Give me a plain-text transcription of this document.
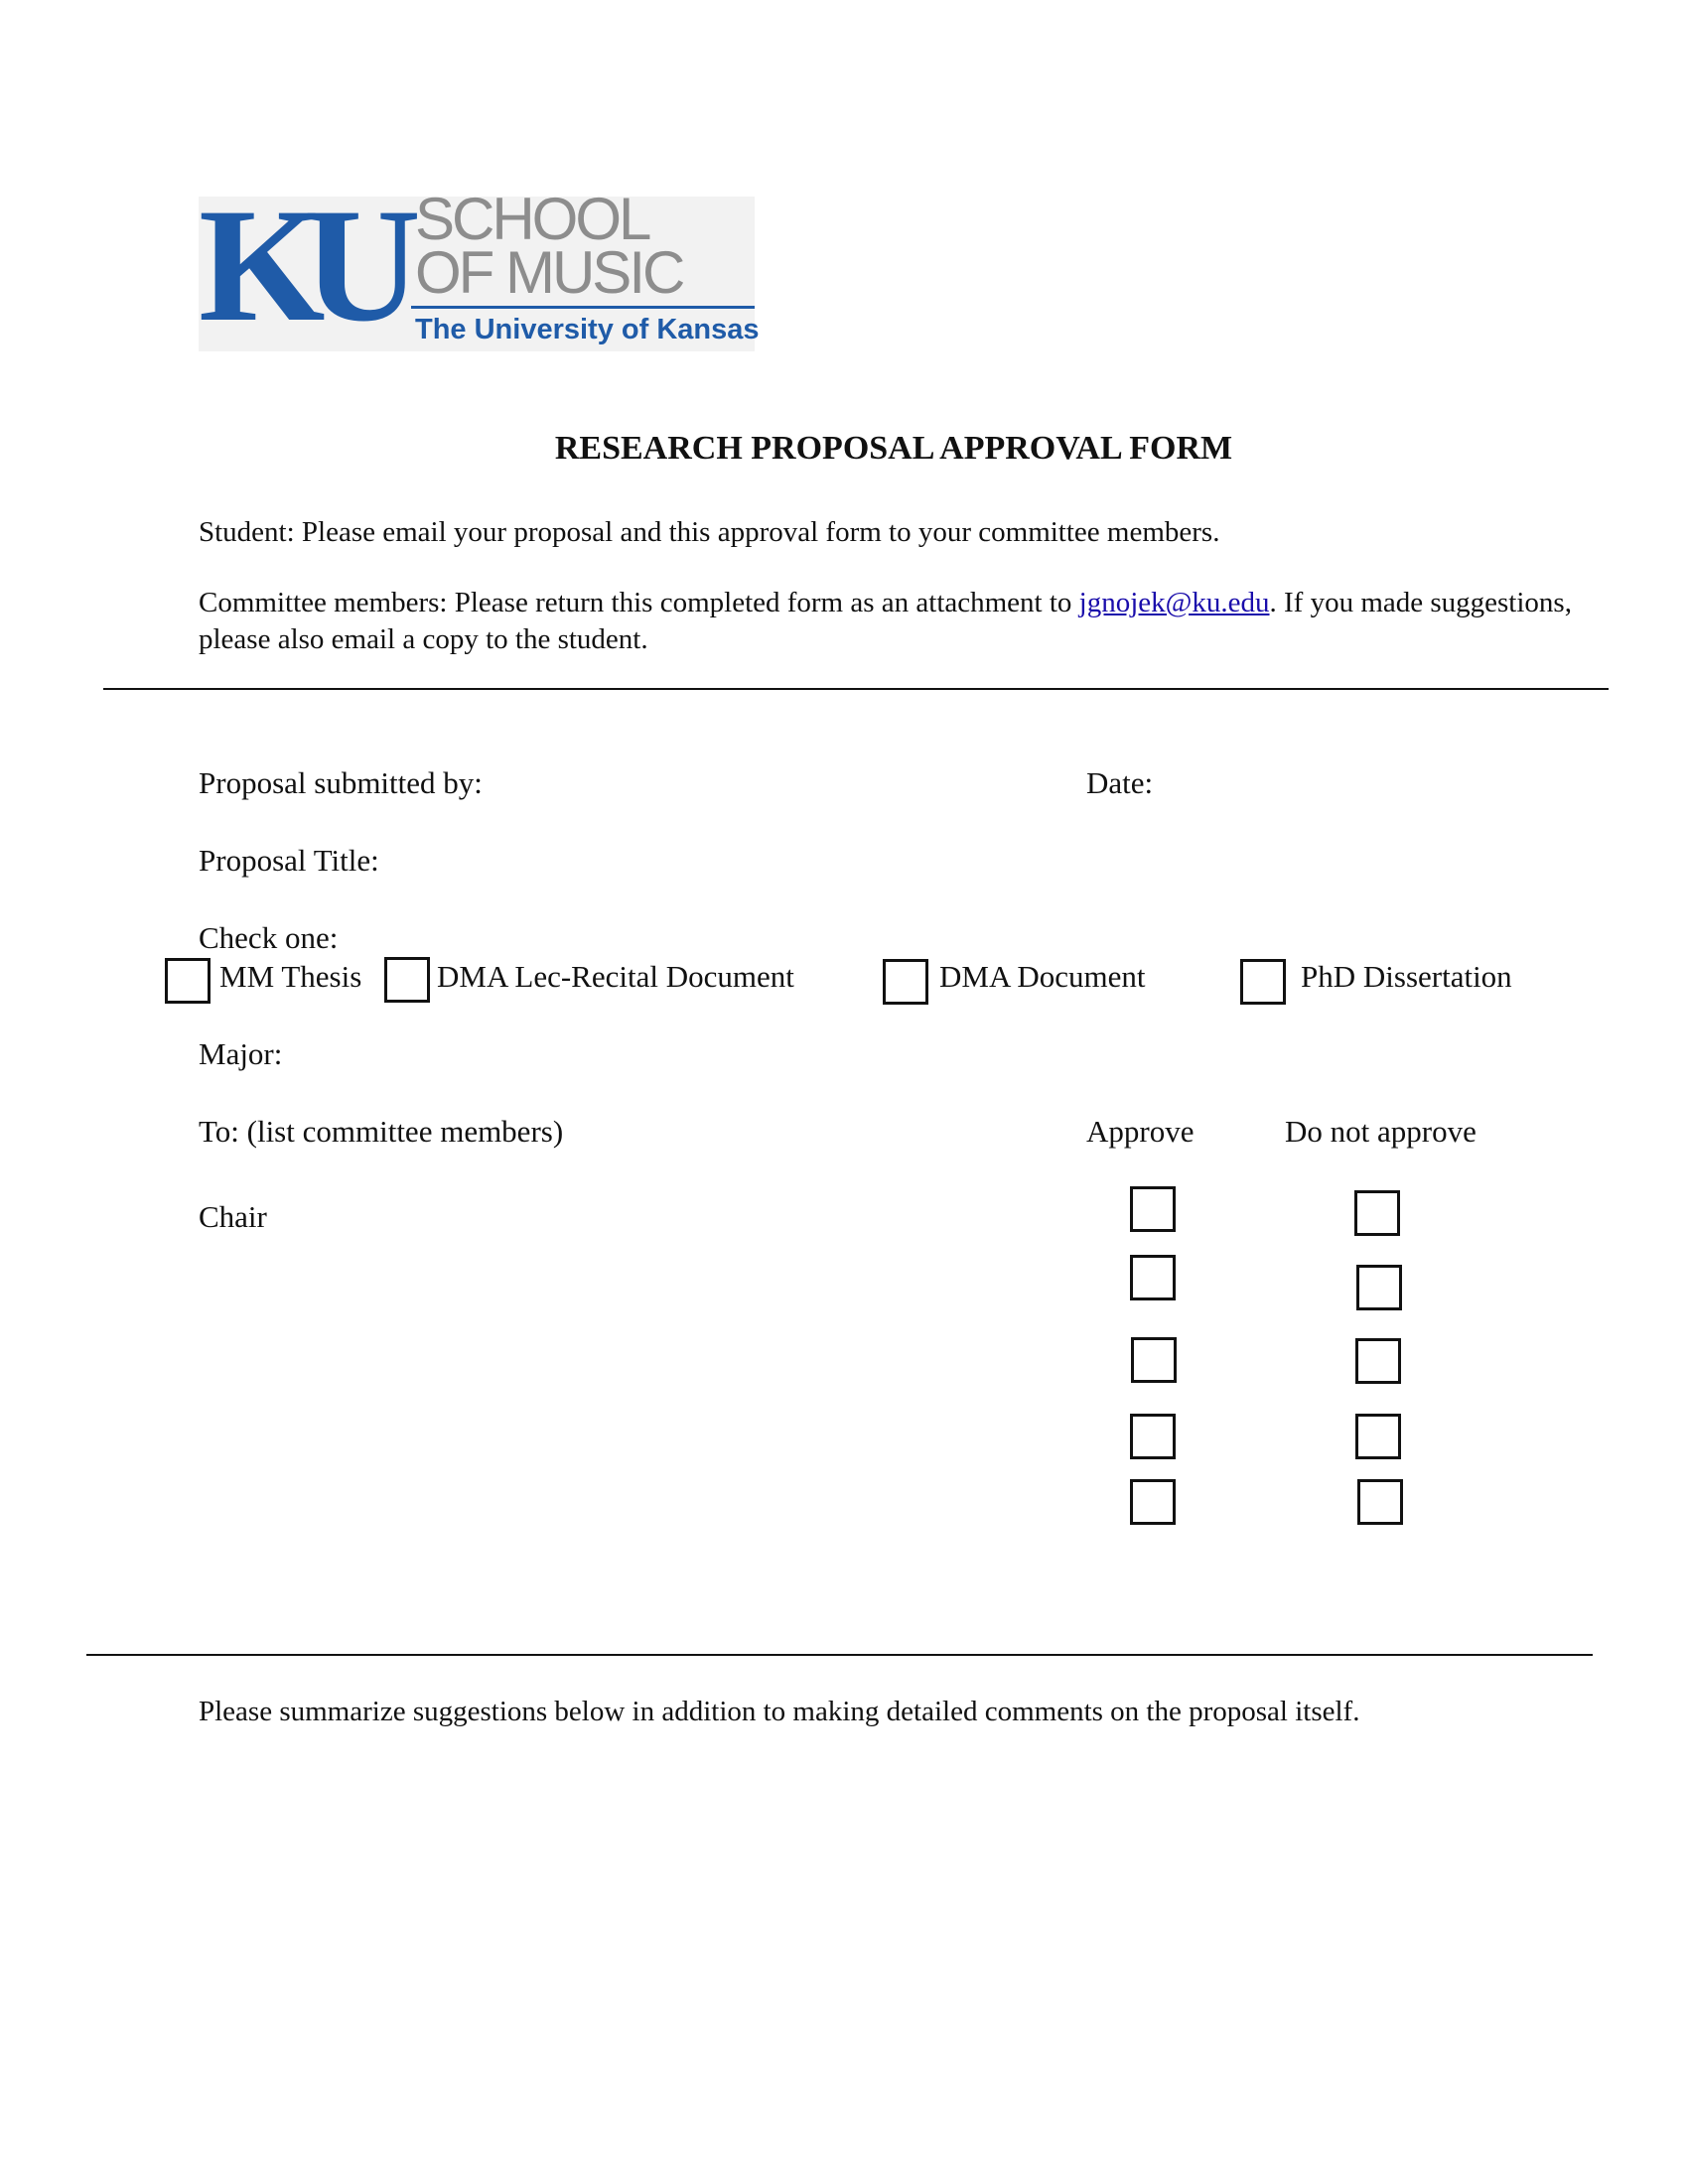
KU SCHOOL
OF MUSIC
The University of Kansas
RESEARCH PROPOSAL APPROVAL FORM
Student: Please email your proposal and this approval form to your committee members.
Committee members: Please return this completed form as an attachment to jgnojek@ku.edu. If you made suggestions, please also email a copy to the student.
Proposal submitted by:	Date:
Proposal Title:
Check one:
MM Thesis DMA Lec-Recital Document	DMA Document	PhD Dissertation
Major:
To: (list committee members)	Approve	Do not approve
Chair
Please summarize suggestions below in addition to making detailed comments on the proposal itself.
